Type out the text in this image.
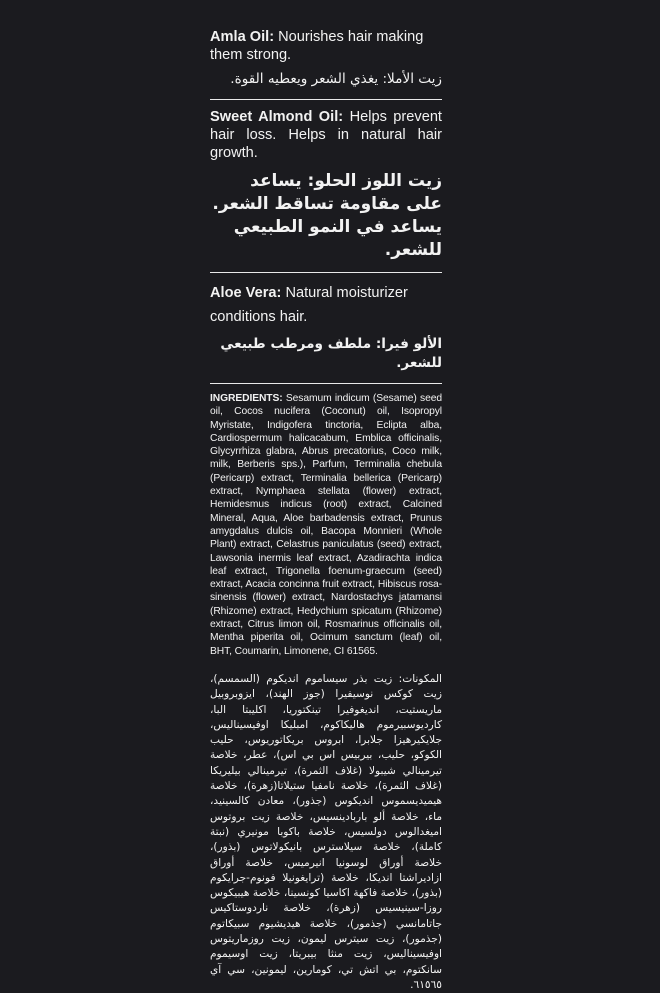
Amla Oil: Nourishes hair making them strong.
زيت الأملا: يغذي الشعر ويعطيه القوة.
Sweet Almond Oil: Helps prevent hair loss. Helps in natural hair growth.
زيت اللوز الحلو: يساعد على مقاومة تساقط الشعر. يساعد في النمو الطبيعي للشعر.
Aloe Vera: Natural moisturizer conditions hair.
الألو فيرا: ملطف ومرطب طبيعي للشعر.
INGREDIENTS: Sesamum indicum (Sesame) seed oil, Cocos nucifera (Coconut) oil, Isopropyl Myristate, Indigofera tinctoria, Eclipta alba, Cardiospermum halicacabum, Emblica officinalis, Glycyrrhiza glabra, Abrus precatorius, Coco milk, milk, Berberis sps.), Parfum, Terminalia chebula (Pericarp) extract, Terminalia bellerica (Pericarp) extract, Nymphaea stellata (flower) extract, Hemidesmus indicus (root) extract, Calcined Mineral, Aqua, Aloe barbadensis extract, Prunus amygdalus dulcis oil, Bacopa Monnieri (Whole Plant) extract, Celastrus paniculatus (seed) extract, Lawsonia inermis leaf extract, Azadirachta indica leaf extract, Trigonella foenum-graecum (seed) extract, Acacia concinna fruit extract, Hibiscus rosa-sinensis (flower) extract, Nardostachys jatamansi (Rhizome) extract, Hedychium spicatum (Rhizome) extract, Citrus limon oil, Rosmarinus officinalis oil, Mentha piperita oil, Ocimum sanctum (leaf) oil, BHT, Coumarin, Limonene, CI 61565.
المكونات: زيت بذر سيساموم انديكوم (السمسم)، زيت كوكس نوسيفيرا (جوز الهند)، ايزوبروبيل ماريستيت، انديغوفيرا تينكتوريا، اكليبتا البا، كارديوسبيرموم هاليكاكوم، امبليكا اوفيسيناليس، جلايكيرهيزا جلابرا، ابروس بريكاتوريوس، حليب الكوكو، حليب، بيربيس اس بي اس)، عطر، خلاصة تيرمينالي شيبولا (غلاف الثمرة)، تيرمينالي بيليريكا (غلاف الثمرة)، خلاصة نامفيا ستيلاتا(زهرة)، خلاصة هيميديسموس انديكوس (جذور)، معادن كالسينيد، ماء، خلاصة ألو باربادينسيس، خلاصة زيت بروتوس اميغدالوس دولسيس، خلاصة باكوبا مونيري (نبتة كاملة)، خلاصة سيلاسترس بانيكولاتوس (بذور)، خلاصة أوراق لوسونيا انيرميس، خلاصة أوراق ازاديراشتا انديكا، خلاصة (ترايغونيلا فونوم-جرايكوم (بذور)، خلاصة فاكهة اكاسيا كونسينا، خلاصة هيبيكوس روزا-سينيسيس (زهرة)، خلاصة ناردوستاكيس جاتامانسي (جذمور)، خلاصة هيديشيوم سبيكاتوم (جذمور)، زيت سيترس ليمون، زيت روزماريتوس اوفيسيناليس، زيت منثا بيبريتا، زيت اوسيموم سانكتوم، بي اتش تي، كومارين، ليمونين، سي آي ٦١٥٦٥.
